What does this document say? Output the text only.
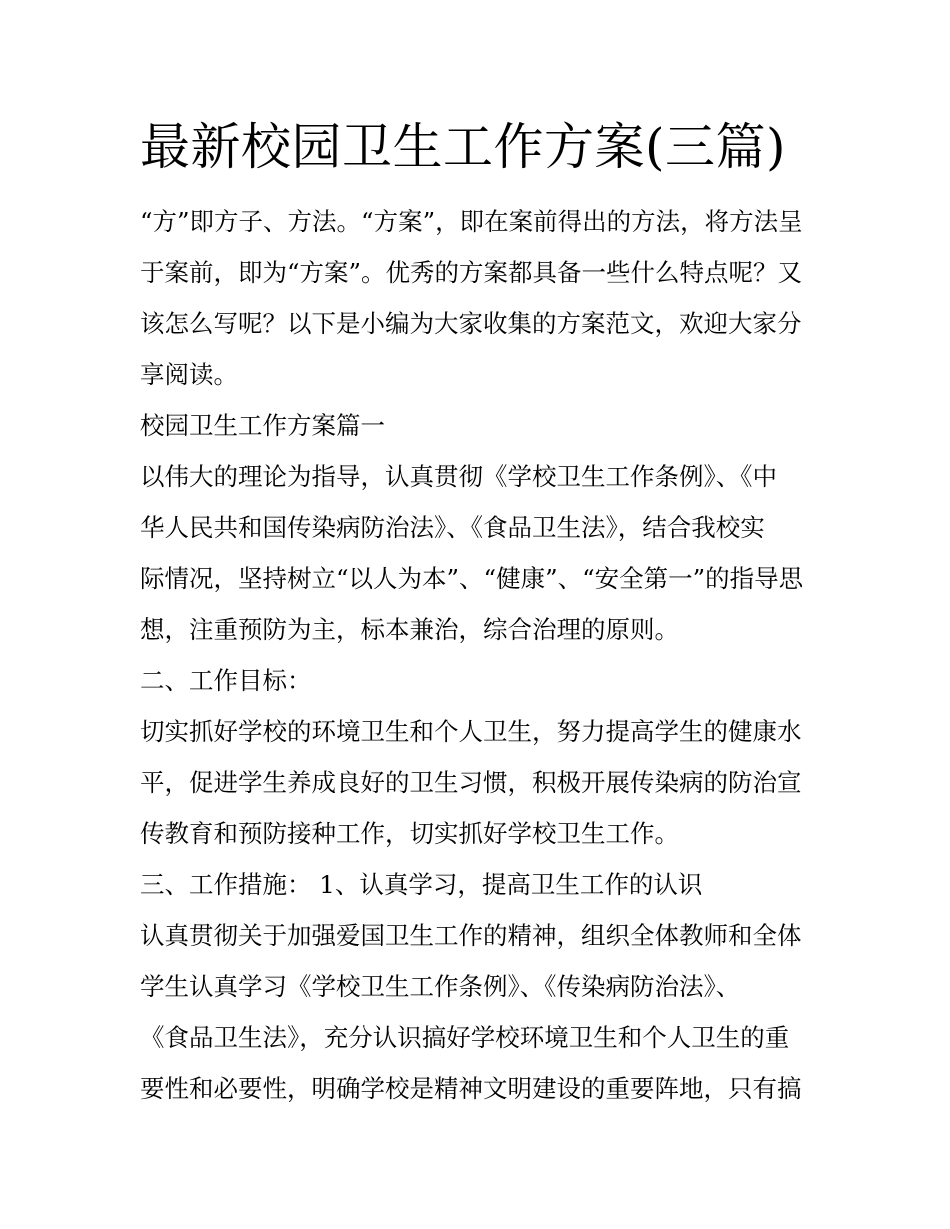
最新校园卫生工作方案(三篇)
“方”即方子、方法。“方案”，即在案前得出的方法，将方法呈
于案前，即为“方案”。优秀的方案都具备一些什么特点呢？又
该怎么写呢？以下是小编为大家收集的方案范文，欢迎大家分
享阅读。
校园卫生工作方案篇一
以伟大的理论为指导，认真贯彻《学校卫生工作条例》、《中
华人民共和国传染病防治法》、《食品卫生法》，结合我校实
际情况，坚持树立“以人为本”、“健康”、“安全第一”的指导思
想，注重预防为主，标本兼治，综合治理的原则。
二、工作目标：
切实抓好学校的环境卫生和个人卫生，努力提高学生的健康水
平，促进学生养成良好的卫生习惯，积极开展传染病的防治宣
传教育和预防接种工作，切实抓好学校卫生工作。
三、工作措施： 1、认真学习，提高卫生工作的认识
认真贯彻关于加强爱国卫生工作的精神，组织全体教师和全体
学生认真学习《学校卫生工作条例》、《传染病防治法》、
《食品卫生法》，充分认识搞好学校环境卫生和个人卫生的重
要性和必要性，明确学校是精神文明建设的重要阵地，只有搞
